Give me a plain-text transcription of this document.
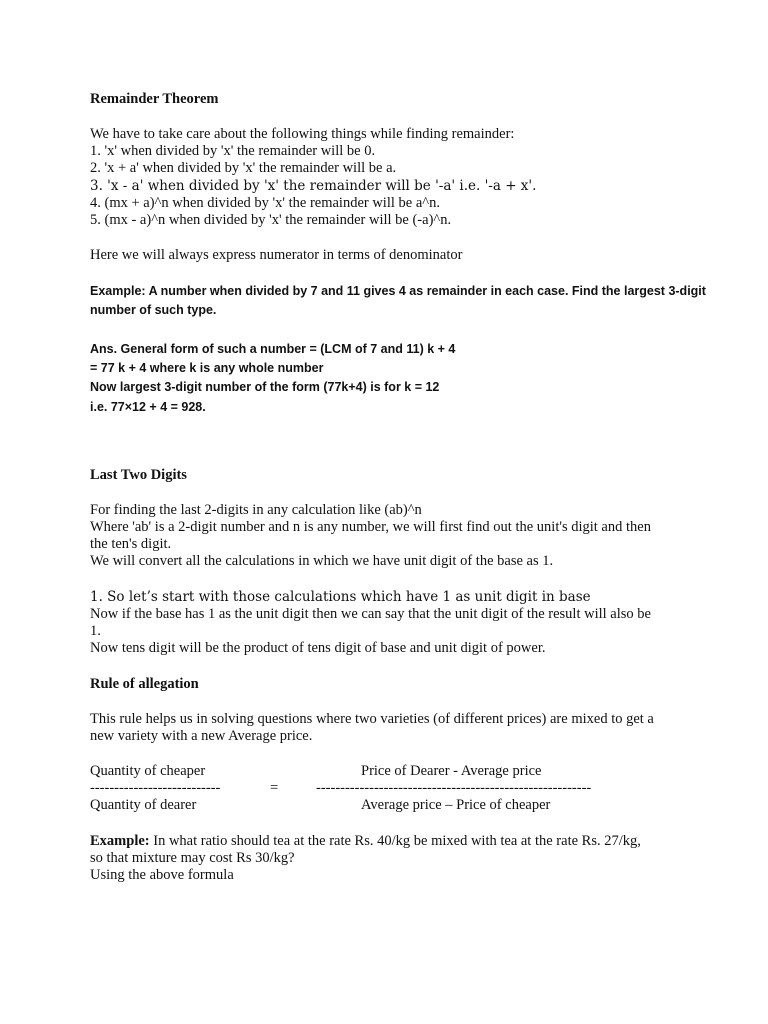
Remainder Theorem
We have to take care about the following things while finding remainder:
1. 'x' when divided by 'x' the remainder will be 0.
2. 'x + a' when divided by 'x' the remainder will be a.
3. 'x - a' when divided by 'x' the remainder will be '-a' i.e. '-a + x'.
4. (mx + a)^n when divided by 'x' the remainder will be a^n.
5. (mx - a)^n when divided by 'x' the remainder will be (-a)^n.
Here we will always express numerator in terms of denominator
Example: A number when divided by 7 and 11 gives 4 as remainder in each case. Find the largest 3-digit
number of such type.
Ans. General form of such a number = (LCM of 7 and 11) k + 4
= 77 k + 4 where k is any whole number
Now largest 3-digit number of the form (77k+4) is for k = 12
i.e. 77×12 + 4 = 928.
Last Two Digits
For finding the last 2-digits in any calculation like (ab)^n
Where 'ab' is a 2-digit number and n is any number, we will first find out the unit's digit and then
the ten's digit.
We will convert all the calculations in which we have unit digit of the base as 1.
1. So let’s start with those calculations which have 1 as unit digit in base
Now if the base has 1 as the unit digit then we can say that the unit digit of the result will also be
1.
Now tens digit will be the product of tens digit of base and unit digit of power.
Rule of allegation
This rule helps us in solving questions where two varieties (of different prices) are mixed to get a
new variety with a new Average price.
Quantity of cheaper
---------------------------
Quantity of dearer
=
Price of Dearer - Average price
---------------------------------------------------------
Average price – Price of cheaper
Example: In what ratio should tea at the rate Rs. 40/kg be mixed with tea at the rate Rs. 27/kg,
so that mixture may cost Rs 30/kg?
Using the above formula
